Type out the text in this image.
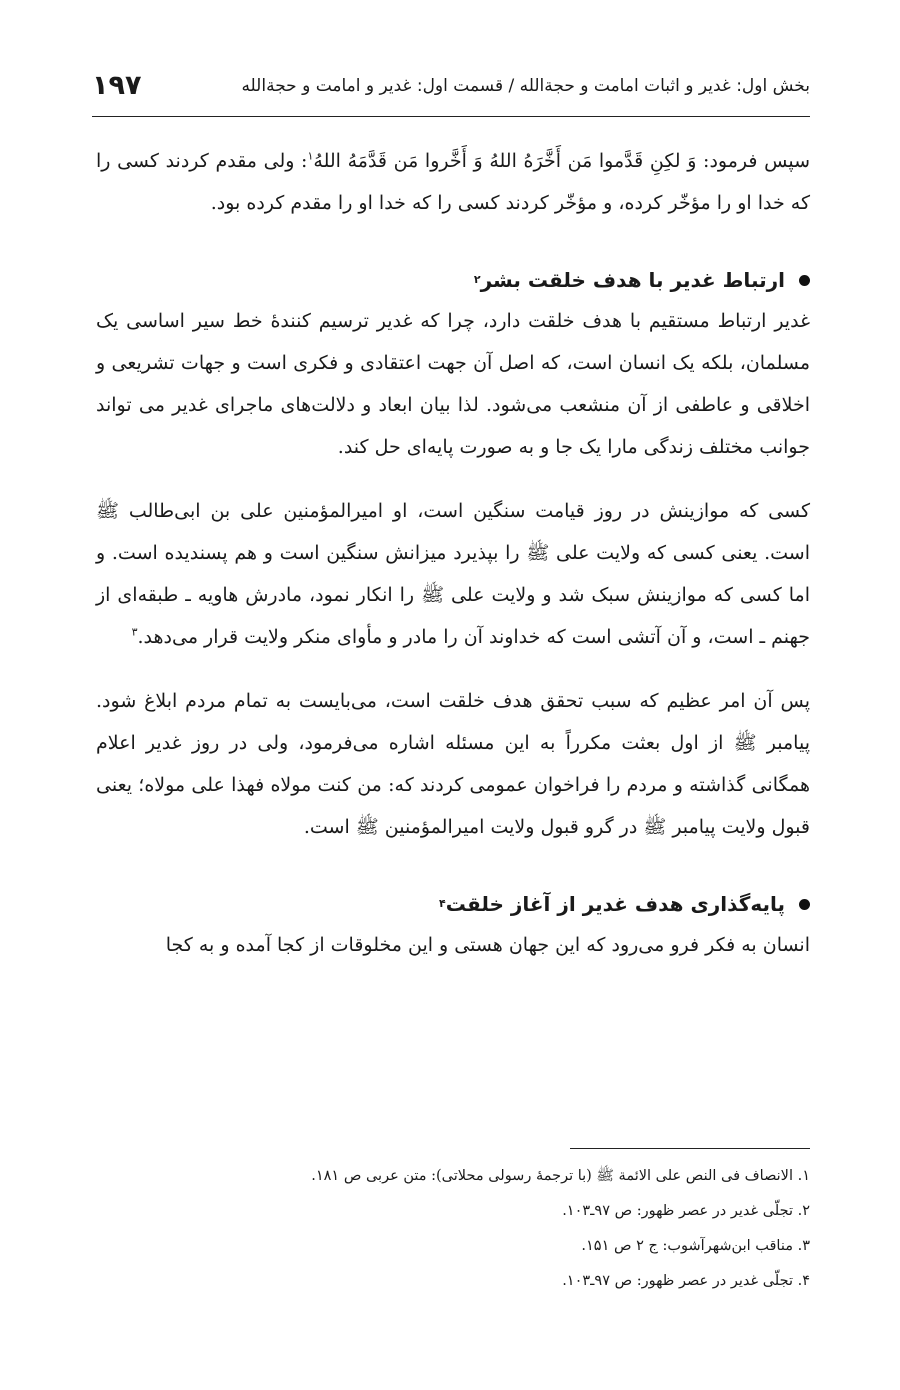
بخش اول: غدیر و اثبات امامت و حجةالله / قسمت اول: غدیر و امامت و حجةالله
۱۹۷

سپس فرمود: وَ لکِنِ قَدَّموا مَن أَخَّرَهُ اللهُ وَ أَخَّروا مَن قَدَّمَهُ اللهُ$^۱$: ولی مقدم کردند کسی را که خدا او را مؤخّر کرده، و مؤخّر کردند کسی را که خدا او را مقدم کرده بود.

ارتباط غدیر با هدف خلقت بشر
۲

غدیر ارتباط مستقیم با هدف خلقت دارد، چرا که غدیر ترسیم کنندهٔ خط سیر اساسی یک مسلمان، بلکه یک انسان است، که اصل آن جهت اعتقادی و فکری است و جهات تشریعی و اخلاقی و عاطفی از آن منشعب می‌شود. لذا بیان ابعاد و دلالت‌های ماجرای غدیر می تواند جوانب مختلف زندگی مارا یک جا و به صورت پایه‌ای حل کند.

کسی که موازینش در روز قیامت سنگین است، او امیرالمؤمنین علی بن ابی‌طالب ﷺ است. یعنی کسی که ولایت علی ﷺ را بپذیرد میزانش سنگین است و هم پسندیده است. و اما کسی که موازینش سبک شد و ولایت علی ﷺ را انکار نمود، مادرش هاویه ـ طبقه‌ای از جهنم ـ است، و آن آتشی است که خداوند آن را مادر و مأوای منکر ولایت قرار می‌دهد.$^۳$

پس آن امر عظیم که سبب تحقق هدف خلقت است، می‌بایست به تمام مردم ابلاغ شود. پیامبر ﷺ از اول بعثت مکرراً به این مسئله اشاره می‌فرمود، ولی در روز غدیر اعلام همگانی گذاشته و مردم را فراخوان عمومی کردند که: من کنت مولاه فهذا علی مولاه؛ یعنی قبول ولایت پیامبر ﷺ در گرو قبول ولایت امیرالمؤمنین ﷺ است.

پایه‌گذاری هدف غدیر از آغاز خلقت
۴

انسان به فکر فرو می‌رود که این جهان هستی و این مخلوقات از کجا آمده و به کجا

۱. الانصاف فی النص علی الائمة ﷺ (با ترجمهٔ رسولی محلاتی): متن عربی ص ۱۸۱.
۲. تجلّی غدیر در عصر ظهور: ص ۹۷ـ۱۰۳.
۳. مناقب ابن‌شهرآشوب: ج ۲ ص ۱۵۱.
۴. تجلّی غدیر در عصر ظهور: ص ۹۷ـ۱۰۳.
